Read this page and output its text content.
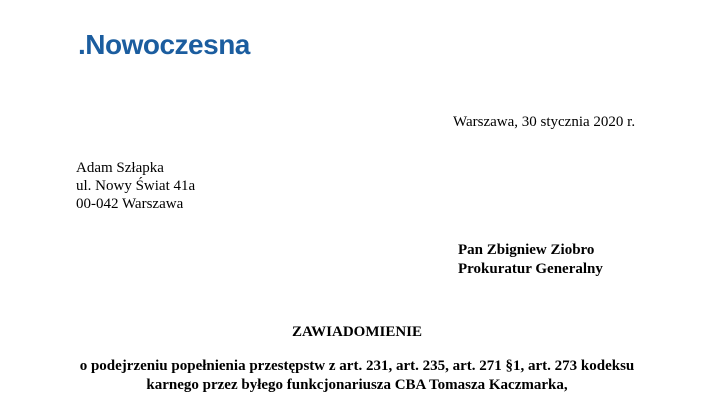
.Nowoczesna
Warszawa, 30 stycznia 2020 r.
Adam Szłapka
ul. Nowy Świat 41a
00-042 Warszawa
Pan Zbigniew Ziobro
Prokuratur Generalny
ZAWIADOMIENIE
o podejrzeniu popełnienia przestępstw z art. 231, art. 235, art. 271 §1, art. 273 kodeksu
karnego przez byłego funkcjonariusza CBA Tomasza Kaczmarka,
